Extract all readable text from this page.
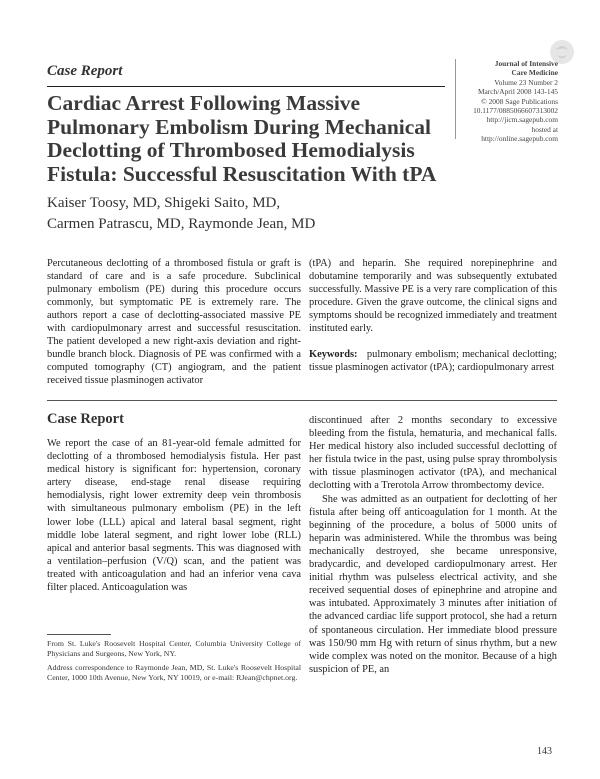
Case Report	Journal of Intensive
Care Medicine
Volume 23 Number 2
March/April 2008 143-145
© 2008 Sage Publications
10.1177/0885066607313002
http://jicm.sagepub.com
hosted at
http://online.sagepub.com
Cardiac Arrest Following Massive Pulmonary Embolism During Mechanical Declotting of Thrombosed Hemodialysis Fistula: Successful Resuscitation With tPA
Kaiser Toosy, MD, Shigeki Saito, MD,
Carmen Patrascu, MD, Raymonde Jean, MD

Percutaneous declotting of a thrombosed fistula or graft is standard of care and is a safe procedure. Subclinical pulmonary embolism (PE) during this procedure occurs commonly, but symptomatic PE is extremely rare. The authors report a case of declotting-associated massive PE with cardiopulmonary arrest and successful resuscitation. The patient developed a new right-axis deviation and right-bundle branch block. Diagnosis of PE was confirmed with a computed tomography (CT) angiogram, and the patient received tissue plasminogen activator

(tPA) and heparin. She required norepinephrine and dobutamine temporarily and was subsequently extubated successfully. Massive PE is a very rare complication of this procedure. Given the grave outcome, the clinical signs and symptoms should be recognized immediately and treatment instituted early.

Keywords: pulmonary embolism; mechanical declotting; tissue plasminogen activator (tPA); cardiopulmonary arrest

Case Report

We report the case of an 81-year-old female admitted for declotting of a thrombosed hemodialysis fistula. Her past medical history is significant for: hypertension, coronary artery disease, end-stage renal disease requiring hemodialysis, right lower extremity deep vein thrombosis with simultaneous pulmonary embolism (PE) in the left lower lobe (LLL) apical and lateral basal segment, right middle lobe lateral segment, and right lower lobe (RLL) apical and anterior basal segments. This was diagnosed with a ventilation–perfusion (V/Q) scan, and the patient was treated with anticoagulation and had an inferior vena cava filter placed. Anticoagulation was

discontinued after 2 months secondary to excessive bleeding from the fistula, hematuria, and mechanical falls. Her medical history also included successful declotting of her fistula twice in the past, using pulse spray thrombolysis with tissue plasminogen activator (tPA), and mechanical declotting with a Trerotola Arrow thrombectomy device.

She was admitted as an outpatient for declotting of her fistula after being off anticoagulation for 1 month. At the beginning of the procedure, a bolus of 5000 units of heparin was administered. While the thrombus was being mechanically destroyed, she became unresponsive, bradycardic, and developed cardiopulmonary arrest. Her initial rhythm was pulseless electrical activity, and she received sequential doses of epinephrine and atropine and was intubated. Approximately 3 minutes after initiation of the advanced cardiac life support protocol, she had a return of spontaneous circulation. Her immediate blood pressure was 150/90 mm Hg with return of sinus rhythm, but a new wide complex was noted on the monitor. Because of a high suspicion of PE, an

From St. Luke's Roosevelt Hospital Center, Columbia University College of Physicians and Surgeons, New York, NY.

Address correspondence to Raymonde Jean, MD, St. Luke's Roosevelt Hospital Center, 1000 10th Avenue, New York, NY 10019, or e-mail: RJean@chpnet.org.

143
